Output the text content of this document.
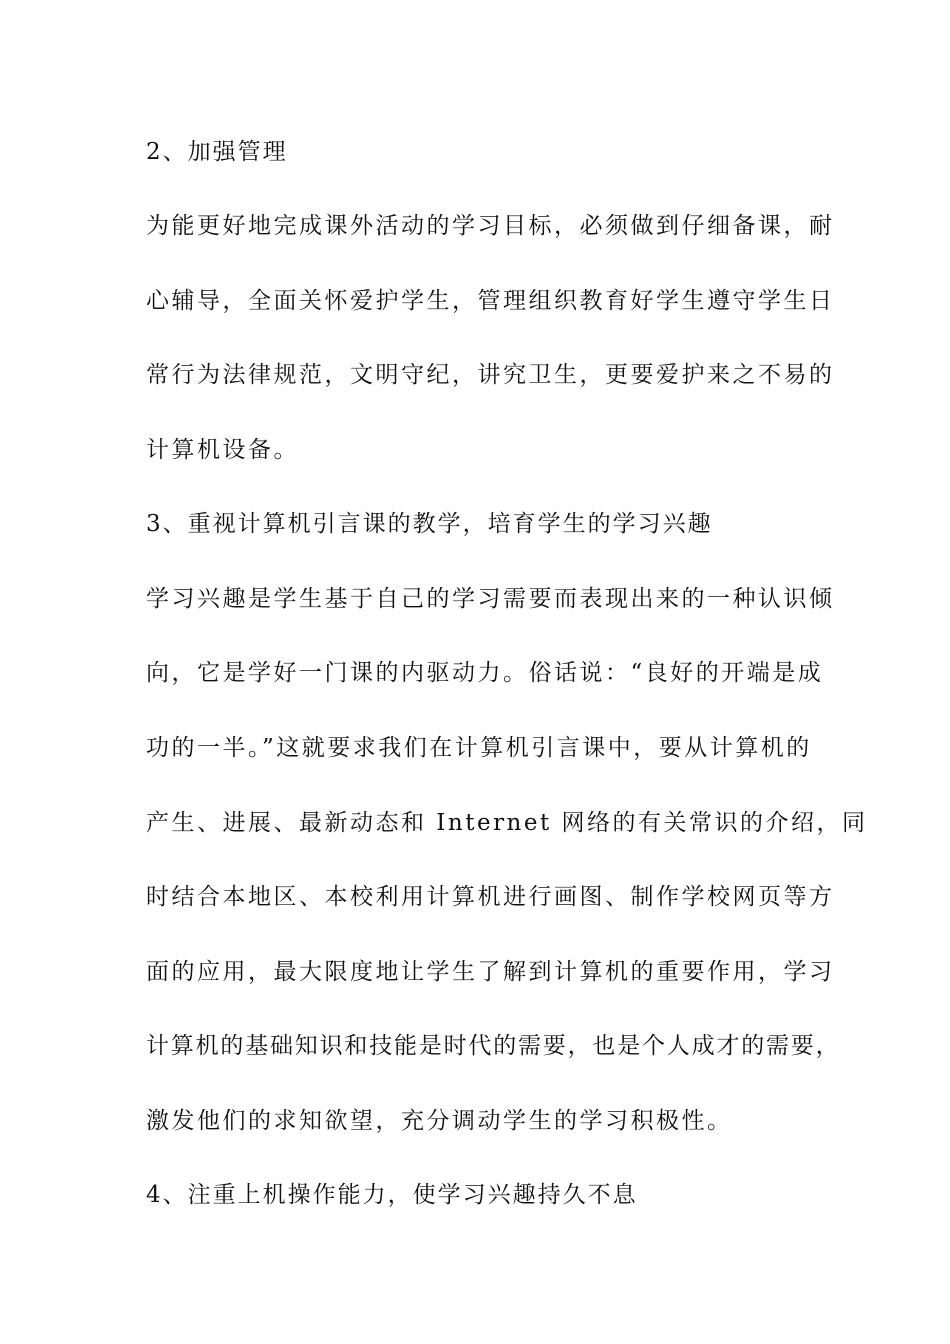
2、加强管理
为能更好地完成课外活动的学习目标，必须做到仔细备课，耐
心辅导，全面关怀爱护学生，管理组织教育好学生遵守学生日
常行为法律规范，文明守纪，讲究卫生，更要爱护来之不易的
计算机设备。
3、重视计算机引言课的教学，培育学生的学习兴趣
学习兴趣是学生基于自己的学习需要而表现出来的一种认识倾
向，它是学好一门课的内驱动力。俗话说：“良好的开端是成
功的一半。”这就要求我们在计算机引言课中，要从计算机的
产生、进展、最新动态和 Internet 网络的有关常识的介绍，同
时结合本地区、本校利用计算机进行画图、制作学校网页等方
面的应用，最大限度地让学生了解到计算机的重要作用，学习
计算机的基础知识和技能是时代的需要，也是个人成才的需要，
激发他们的求知欲望，充分调动学生的学习积极性。
4、注重上机操作能力，使学习兴趣持久不息
